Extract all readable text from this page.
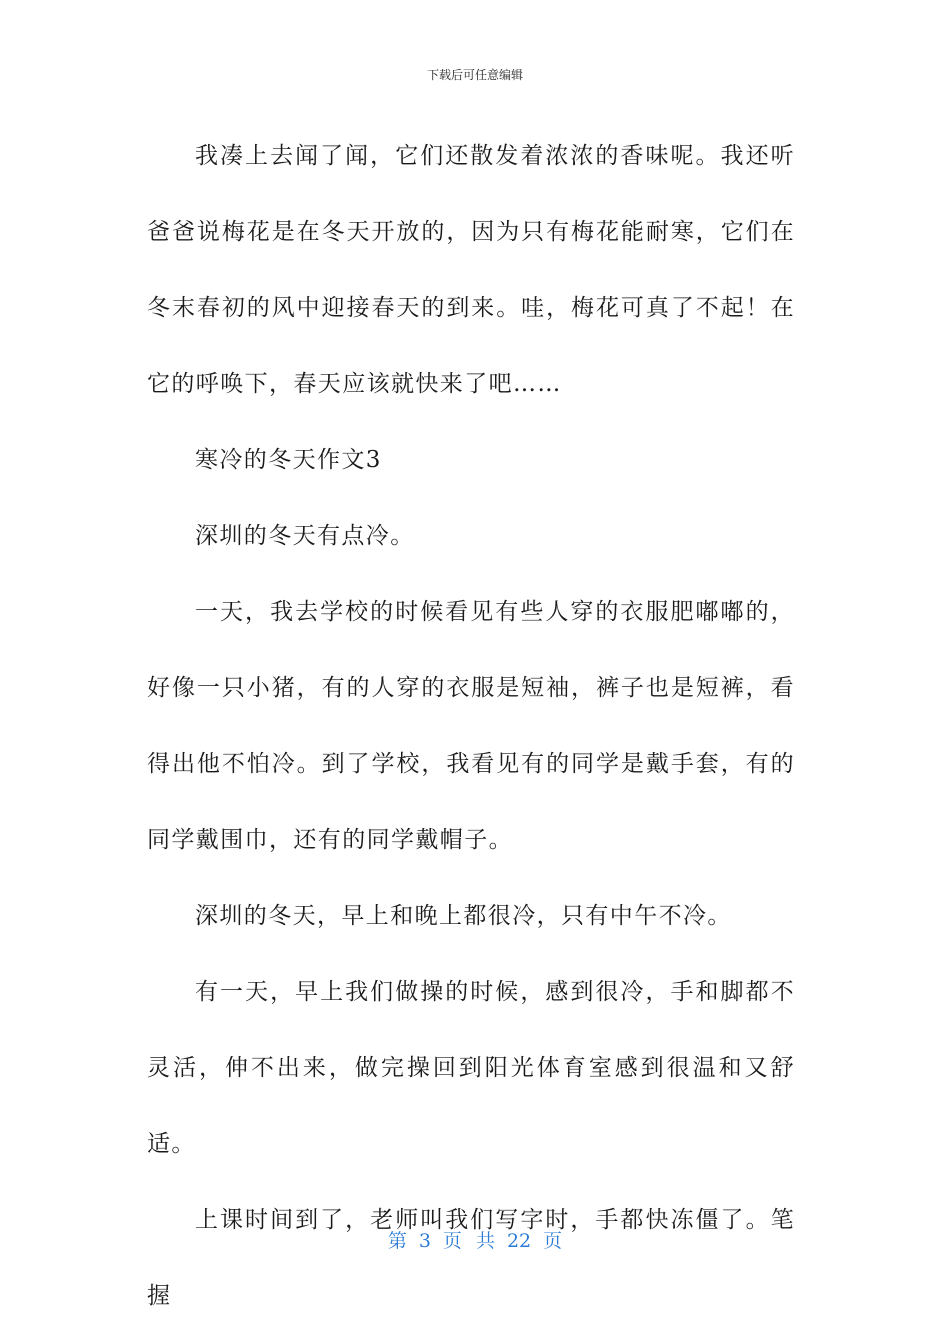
下载后可任意编辑

我凑上去闻了闻，它们还散发着浓浓的香味呢。我还听爸爸说梅花是在冬天开放的，因为只有梅花能耐寒，它们在冬末春初的风中迎接春天的到来。哇，梅花可真了不起！在它的呼唤下，春天应该就快来了吧……

寒冷的冬天作文3

深圳的冬天有点冷。

一天，我去学校的时候看见有些人穿的衣服肥嘟嘟的，好像一只小猪，有的人穿的衣服是短袖，裤子也是短裤，看得出他不怕冷。到了学校，我看见有的同学是戴手套，有的同学戴围巾，还有的同学戴帽子。

深圳的冬天，早上和晚上都很冷，只有中午不冷。

有一天，早上我们做操的时候，感到很冷，手和脚都不灵活，伸不出来，做完操回到阳光体育室感到很温和又舒适。

上课时间到了，老师叫我们写字时，手都快冻僵了。笔握

第 3 页 共 22 页
